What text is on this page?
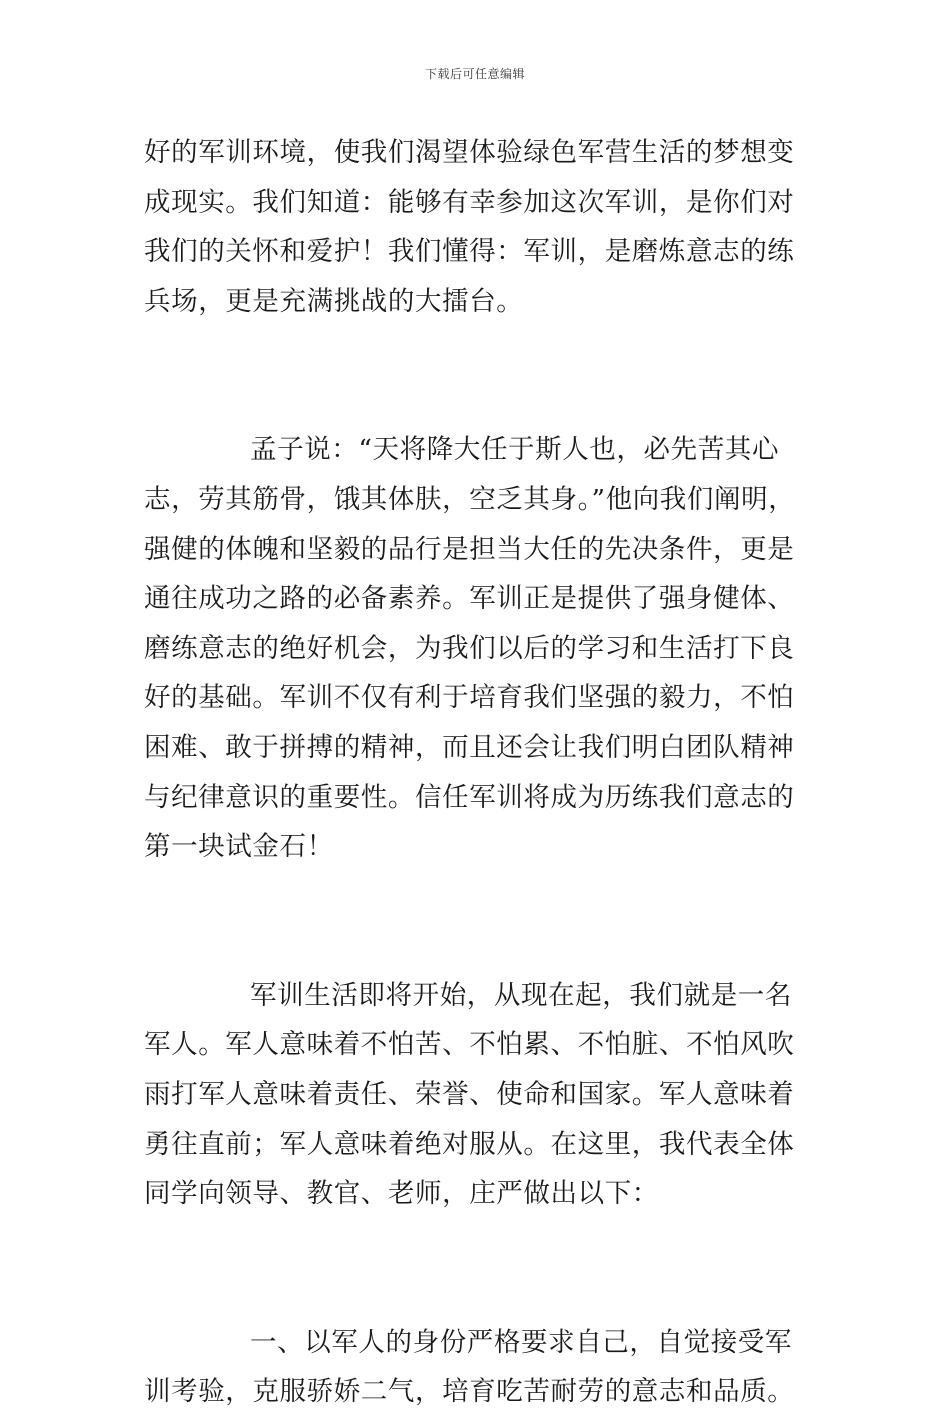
下载后可任意编辑

好的军训环境，使我们渴望体验绿色军营生活的梦想变成现实。我们知道：能够有幸参加这次军训，是你们对我们的关怀和爱护！我们懂得：军训，是磨炼意志的练兵场，更是充满挑战的大擂台。

孟子说：“天将降大任于斯人也，必先苦其心志，劳其筋骨，饿其体肤，空乏其身。”他向我们阐明，强健的体魄和坚毅的品行是担当大任的先决条件，更是通往成功之路的必备素养。军训正是提供了强身健体、磨练意志的绝好机会，为我们以后的学习和生活打下良好的基础。军训不仅有利于培育我们坚强的毅力，不怕困难、敢于拼搏的精神，而且还会让我们明白团队精神与纪律意识的重要性。信任军训将成为历练我们意志的第一块试金石！

军训生活即将开始，从现在起，我们就是一名军人。军人意味着不怕苦、不怕累、不怕脏、不怕风吹雨打军人意味着责任、荣誉、使命和国家。军人意味着勇往直前；军人意味着绝对服从。在这里，我代表全体同学向领导、教官、老师，庄严做出以下：

一、以军人的身份严格要求自己，自觉接受军训考验，克服骄娇二气，培育吃苦耐劳的意志和品质。
